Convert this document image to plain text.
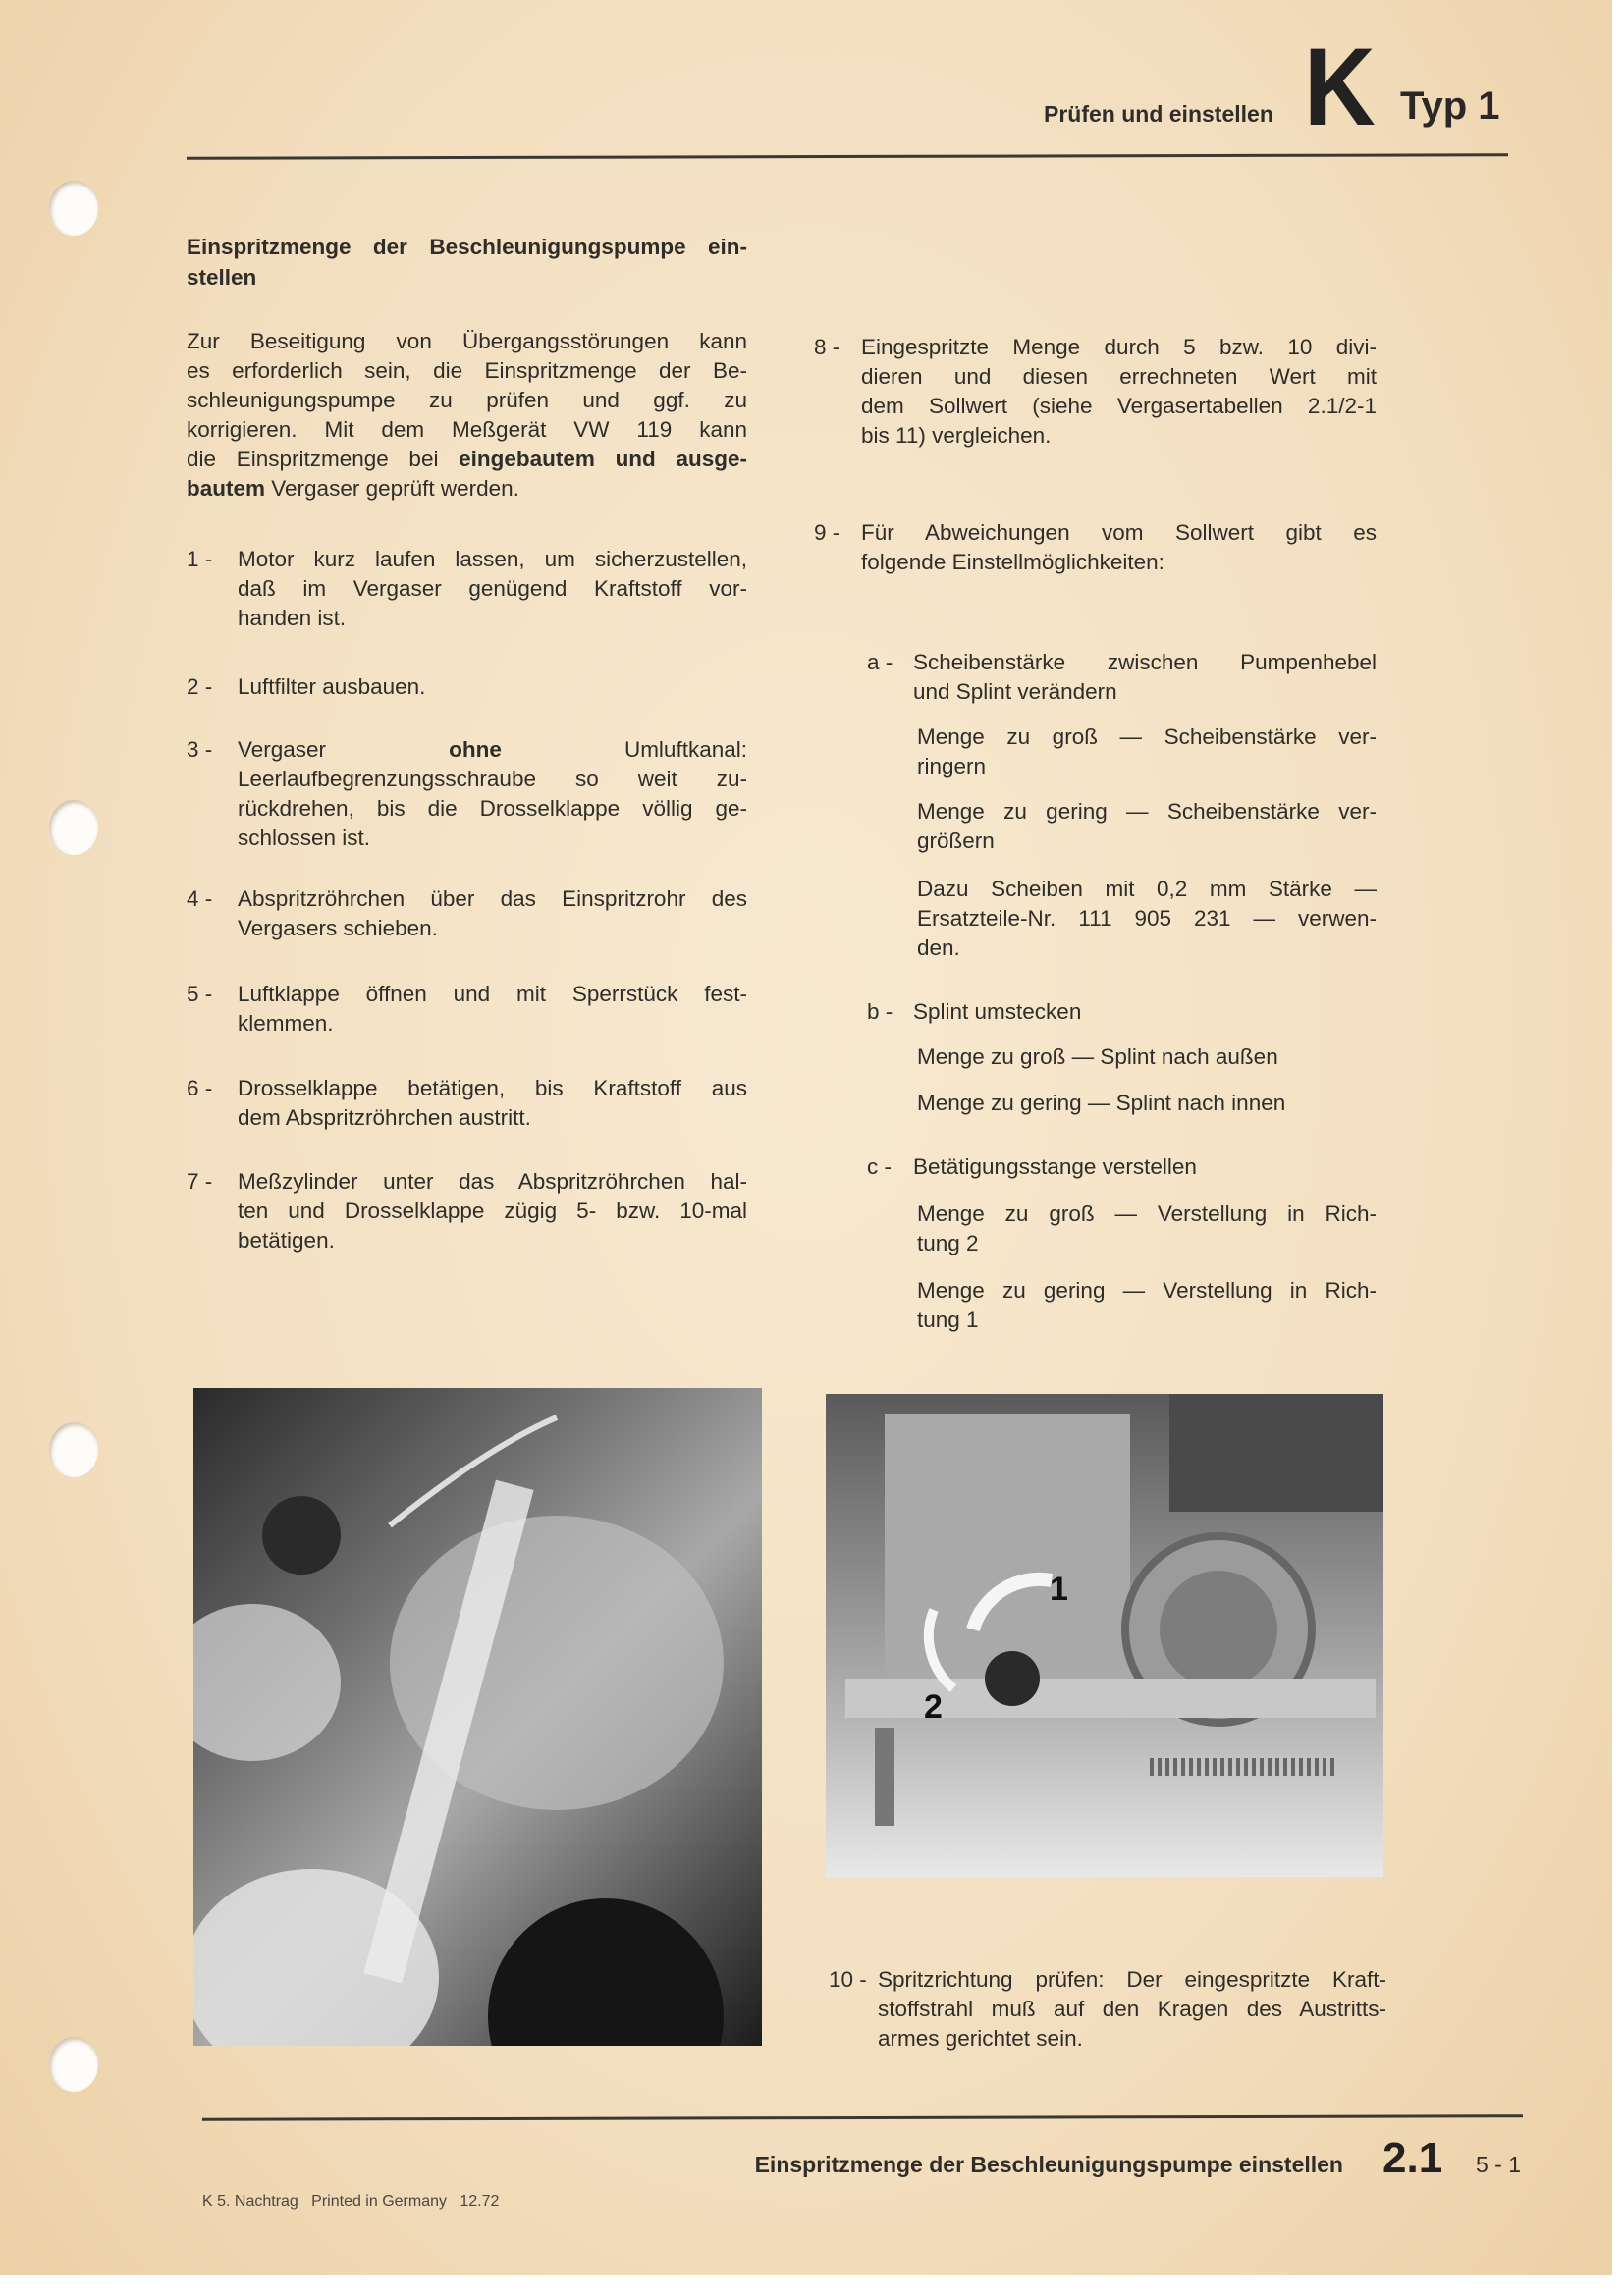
Prüfen und einstellen K Typ 1
Einspritzmenge der Beschleunigungspumpe ein-
stellen
Zur Beseitigung von Übergangsstörungen kann
es erforderlich sein, die Einspritzmenge der Be-
schleunigungspumpe zu prüfen und ggf. zu
korrigieren. Mit dem Meßgerät VW 119 kann
die Einspritzmenge bei eingebautem und ausge-
bautem Vergaser geprüft werden.
1 - Motor kurz laufen lassen, um sicherzustellen,
daß im Vergaser genügend Kraftstoff vor-
handen ist.
2 - Luftfilter ausbauen.
3 - Vergaser ohne Umluftkanal:
Leerlaufbegrenzungsschraube so weit zu-
rückdrehen, bis die Drosselklappe völlig ge-
schlossen ist.
4 - Abspritzröhrchen über das Einspritzrohr des
Vergasers schieben.
5 - Luftklappe öffnen und mit Sperrstück fest-
klemmen.
6 - Drosselklappe betätigen, bis Kraftstoff aus
dem Abspritzröhrchen austritt.
7 - Meßzylinder unter das Abspritzröhrchen hal-
ten und Drosselklappe zügig 5- bzw. 10-mal
betätigen.
8 - Eingespritzte Menge durch 5 bzw. 10 divi-
dieren und diesen errechneten Wert mit
dem Sollwert (siehe Vergasertabellen 2.1/2-1
bis 11) vergleichen.
9 - Für Abweichungen vom Sollwert gibt es
folgende Einstellmöglichkeiten:
a - Scheibenstärke zwischen Pumpenhebel
und Splint verändern
Menge zu groß — Scheibenstärke ver-
ringern
Menge zu gering — Scheibenstärke ver-
größern
Dazu Scheiben mit 0,2 mm Stärke —
Ersatzteile-Nr. 111 905 231 — verwen-
den.
b - Splint umstecken
Menge zu groß — Splint nach außen
Menge zu gering — Splint nach innen
c - Betätigungsstange verstellen
Menge zu groß — Verstellung in Rich-
tung 2
Menge zu gering — Verstellung in Rich-
tung 1
1
2
10 - Spritzrichtung prüfen: Der eingespritzte Kraft-
stoffstrahl muß auf den Kragen des Austritts-
armes gerichtet sein.
Einspritzmenge der Beschleunigungspumpe einstellen 2.1 5 - 1
K 5. Nachtrag   Printed in Germany   12.72
